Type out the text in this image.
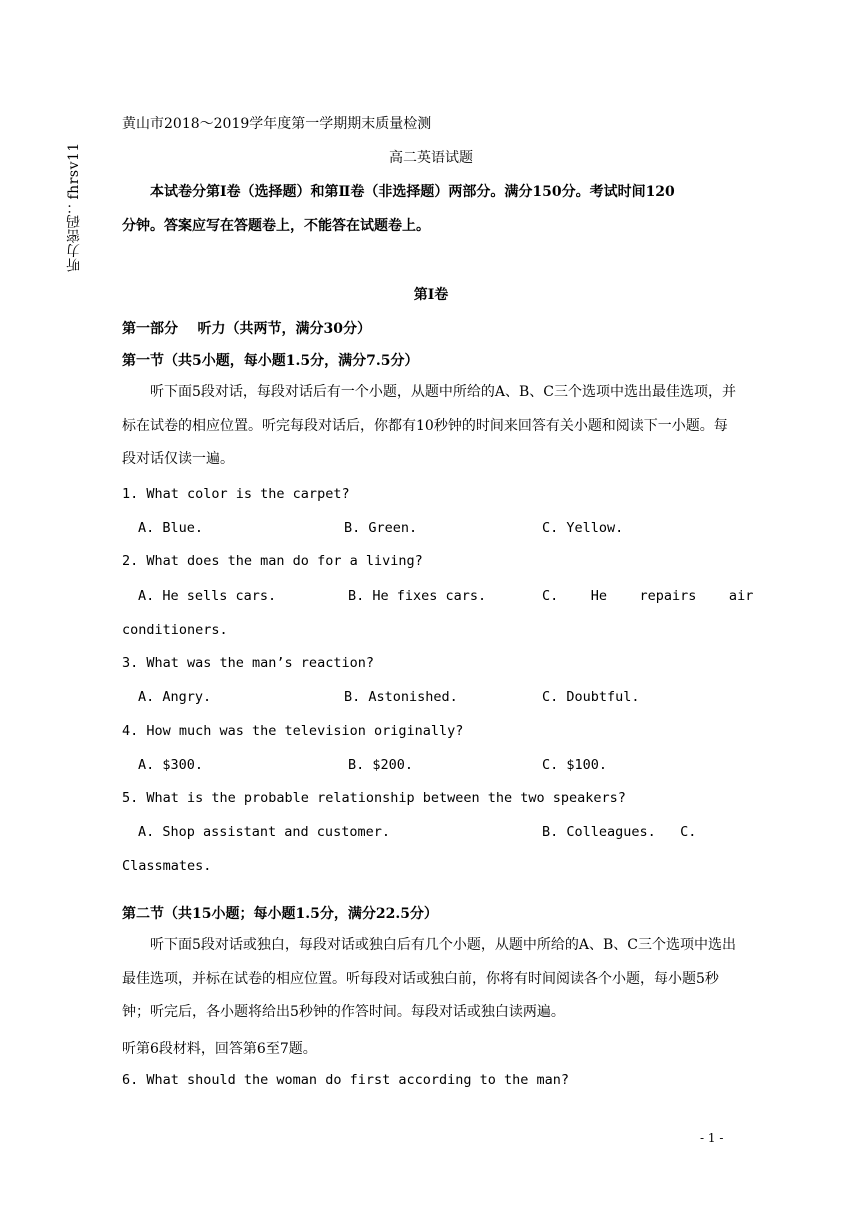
听力密码：fhrsv11
黄山市2018～2019学年度第一学期期末质量检测
高二英语试题
本试卷分第Ⅰ卷（选择题）和第Ⅱ卷（非选择题）两部分。满分150分。考试时间120
分钟。答案应写在答题卷上，不能答在试题卷上。
第Ⅰ卷
第一部分    听力（共两节，满分30分）
第一节（共5小题，每小题1.5分，满分7.5分）
听下面5段对话，每段对话后有一个小题，从题中所给的A、B、C三个选项中选出最佳选项，并标在试卷的相应位置。听完每段对话后，你都有10秒钟的时间来回答有关小题和阅读下一小题。每段对话仅读一遍。
1. What color is the carpet?
A. Blue.	B. Green.	C. Yellow.
2. What does the man do for a living?
A. He sells cars.	B. He fixes cars.	C.    He    repairs    air
conditioners.
3. What was the man’s reaction?
A. Angry.	B. Astonished.	C. Doubtful.
4. How much was the television originally?
A. $300.	B. $200.	C. $100.
5. What is the probable relationship between the two speakers?
A. Shop assistant and customer.	B. Colleagues.   C.
Classmates.
第二节（共15小题；每小题1.5分，满分22.5分）
听下面5段对话或独白，每段对话或独白后有几个小题，从题中所给的A、B、C三个选项中选出最佳选项，并标在试卷的相应位置。听每段对话或独白前，你将有时间阅读各个小题，每小题5秒钟；听完后，各小题将给出5秒钟的作答时间。每段对话或独白读两遍。
听第6段材料，回答第6至7题。
6. What should the woman do first according to the man?
- 1 -
